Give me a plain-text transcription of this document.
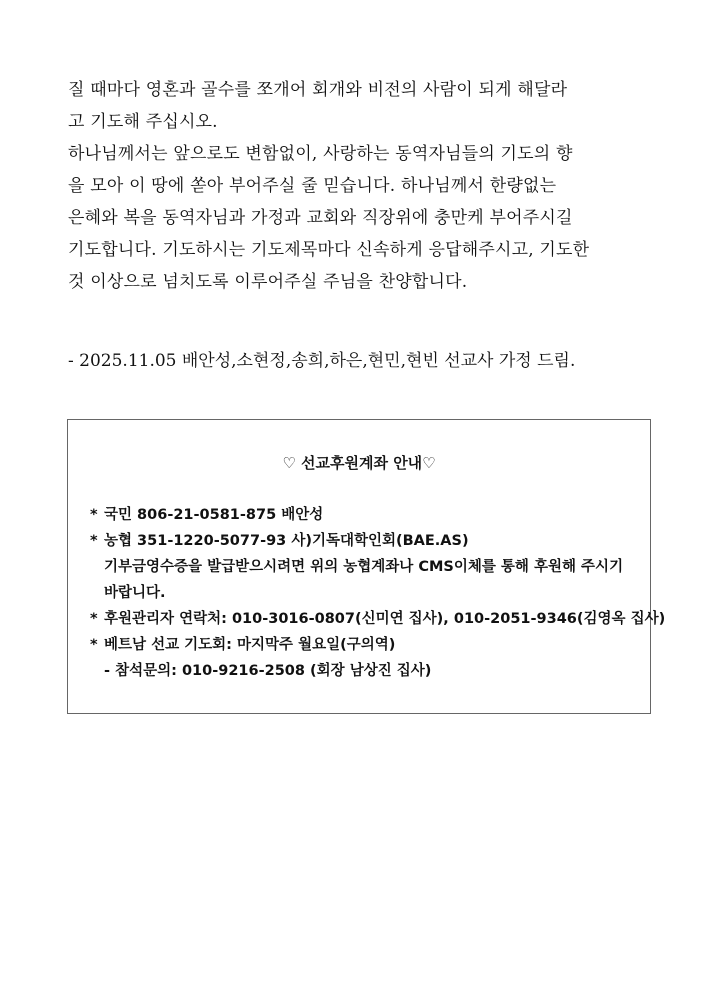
질 때마다 영혼과 골수를 쪼개어 회개와 비전의 사람이 되게 해달라
고 기도해 주십시오.

하나님께서는 앞으로도 변함없이, 사랑하는 동역자님들의 기도의 향
을 모아 이 땅에 쏟아 부어주실 줄 믿습니다. 하나님께서 한량없는
은혜와 복을 동역자님과 가정과 교회와 직장위에 충만케 부어주시길
기도합니다. 기도하시는 기도제목마다 신속하게 응답해주시고, 기도한
것 이상으로 넘치도록 이루어주실 주님을 찬양합니다.

- 2025.11.05 배안성,소현정,송희,하은,현민,현빈 선교사 가정 드림.
♡ 선교후원계좌 안내♡
* 국민 806-21-0581-875 배안성
* 농협 351-1220-5077-93 사)기독대학인회(BAE.AS)
기부금영수증을 발급받으시려면 위의 농협계좌나 CMS이체를 통해 후원해 주시기
바랍니다.
* 후원관리자 연락처: 010-3016-0807(신미연 집사), 010-2051-9346(김영옥 집사)
* 베트남 선교 기도회: 마지막주 월요일(구의역)
- 참석문의: 010-9216-2508 (회장 남상진 집사)
